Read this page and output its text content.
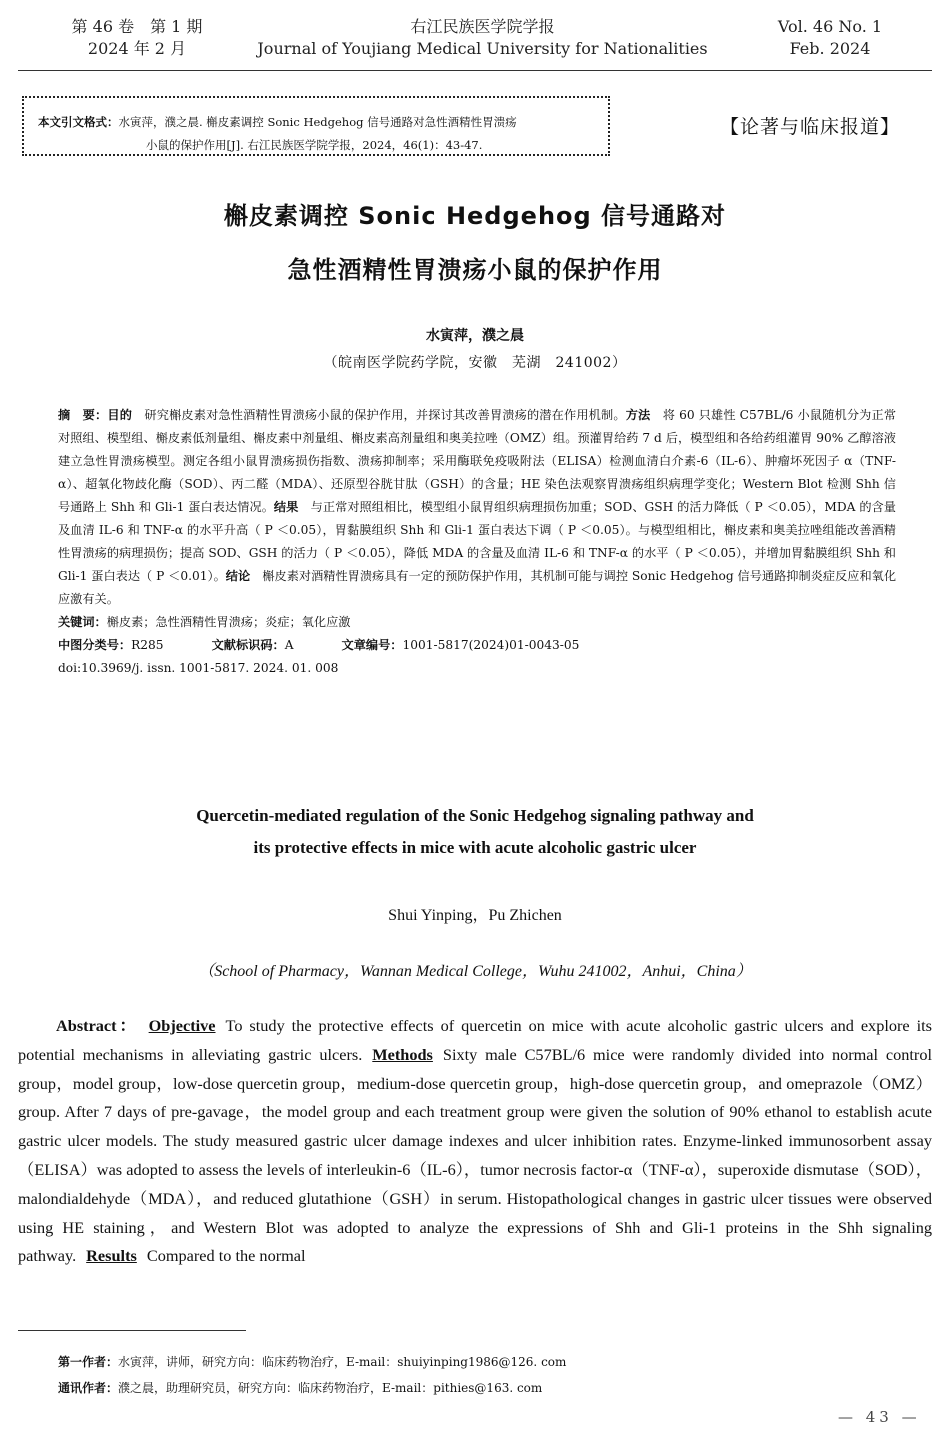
第 46 卷　第 1 期
2024 年 2 月
右江民族医学院学报
Journal of Youjiang Medical University for Nationalities
Vol. 46 No. 1
Feb. 2024
本文引文格式：水寅萍，濮之晨. 槲皮素调控 Sonic Hedgehog 信号通路对急性酒精性胃溃疡
小鼠的保护作用[J]. 右江民族医学院学报，2024，46(1)：43-47.
【论著与临床报道】
槲皮素调控 Sonic Hedgehog 信号通路对
急性酒精性胃溃疡小鼠的保护作用
水寅萍，濮之晨
（皖南医学院药学院，安徽　芜湖　241002）

摘　要：目的　研究槲皮素对急性酒精性胃溃疡小鼠的保护作用，并探讨其改善胃溃疡的潜在作用机制。方法　将 60 只雄性 C57BL/6 小鼠随机分为正常对照组、模型组、槲皮素低剂量组、槲皮素中剂量组、槲皮素高剂量组和奥美拉唑（OMZ）组。预灌胃给药 7 d 后，模型组和各给药组灌胃 90% 乙醇溶液建立急性胃溃疡模型。测定各组小鼠胃溃疡损伤指数、溃疡抑制率；采用酶联免疫吸附法（ELISA）检测血清白介素-6（IL-6）、肿瘤坏死因子 α（TNF-α）、超氧化物歧化酶（SOD）、丙二醛（MDA）、还原型谷胱甘肽（GSH）的含量；HE 染色法观察胃溃疡组织病理学变化；Western Blot 检测 Shh 信号通路上 Shh 和 Gli-1 蛋白表达情况。结果　与正常对照组相比，模型组小鼠胃组织病理损伤加重；SOD、GSH 的活力降低（ P ＜0.05），MDA 的含量及血清 IL-6 和 TNF-α 的水平升高（ P ＜0.05），胃黏膜组织 Shh 和 Gli-1 蛋白表达下调（ P ＜0.05）。与模型组相比，槲皮素和奥美拉唑组能改善酒精性胃溃疡的病理损伤；提高 SOD、GSH 的活力（ P ＜0.05），降低 MDA 的含量及血清 IL-6 和 TNF-α 的水平（ P ＜0.05），并增加胃黏膜组织 Shh 和 Gli-1 蛋白表达（ P ＜0.01）。结论　槲皮素对酒精性胃溃疡具有一定的预防保护作用，其机制可能与调控 Sonic Hedgehog 信号通路抑制炎症反应和氧化应激有关。

关键词：槲皮素；急性酒精性胃溃疡；炎症；氧化应激

中图分类号：R285	文献标识码：A	文章编号：1001-5817(2024)01-0043-05

doi:10.3969/j. issn. 1001-5817. 2024. 01. 008

Quercetin-mediated regulation of the Sonic Hedgehog signaling pathway and
its protective effects in mice with acute alcoholic gastric ulcer
Shui Yinping，Pu Zhichen
（School of Pharmacy，Wannan Medical College，Wuhu 241002，Anhui，China）

Abstract： Objective To study the protective effects of quercetin on mice with acute alcoholic gastric ulcers and explore its potential mechanisms in alleviating gastric ulcers. Methods Sixty male C57BL/6 mice were randomly divided into normal control group，model group，low-dose quercetin group，medium-dose quercetin group，high-dose quercetin group，and omeprazole（OMZ）group. After 7 days of pre-gavage，the model group and each treatment group were given the solution of 90% ethanol to establish acute gastric ulcer models. The study measured gastric ulcer damage indexes and ulcer inhibition rates. Enzyme-linked immunosorbent assay（ELISA）was adopted to assess the levels of interleukin-6（IL-6），tumor necrosis factor-α（TNF-α），superoxide dismutase（SOD），malondialdehyde（MDA），and reduced glutathione（GSH）in serum. Histopathological changes in gastric ulcer tissues were observed using HE staining，and Western Blot was adopted to analyze the expressions of Shh and Gli-1 proteins in the Shh signaling pathway. Results Compared to the normal

第一作者：水寅萍，讲师，研究方向：临床药物治疗，E-mail：shuiyinping1986@126. com
通讯作者：濮之晨，助理研究员，研究方向：临床药物治疗，E-mail：pithies@163. com
— 43 —
